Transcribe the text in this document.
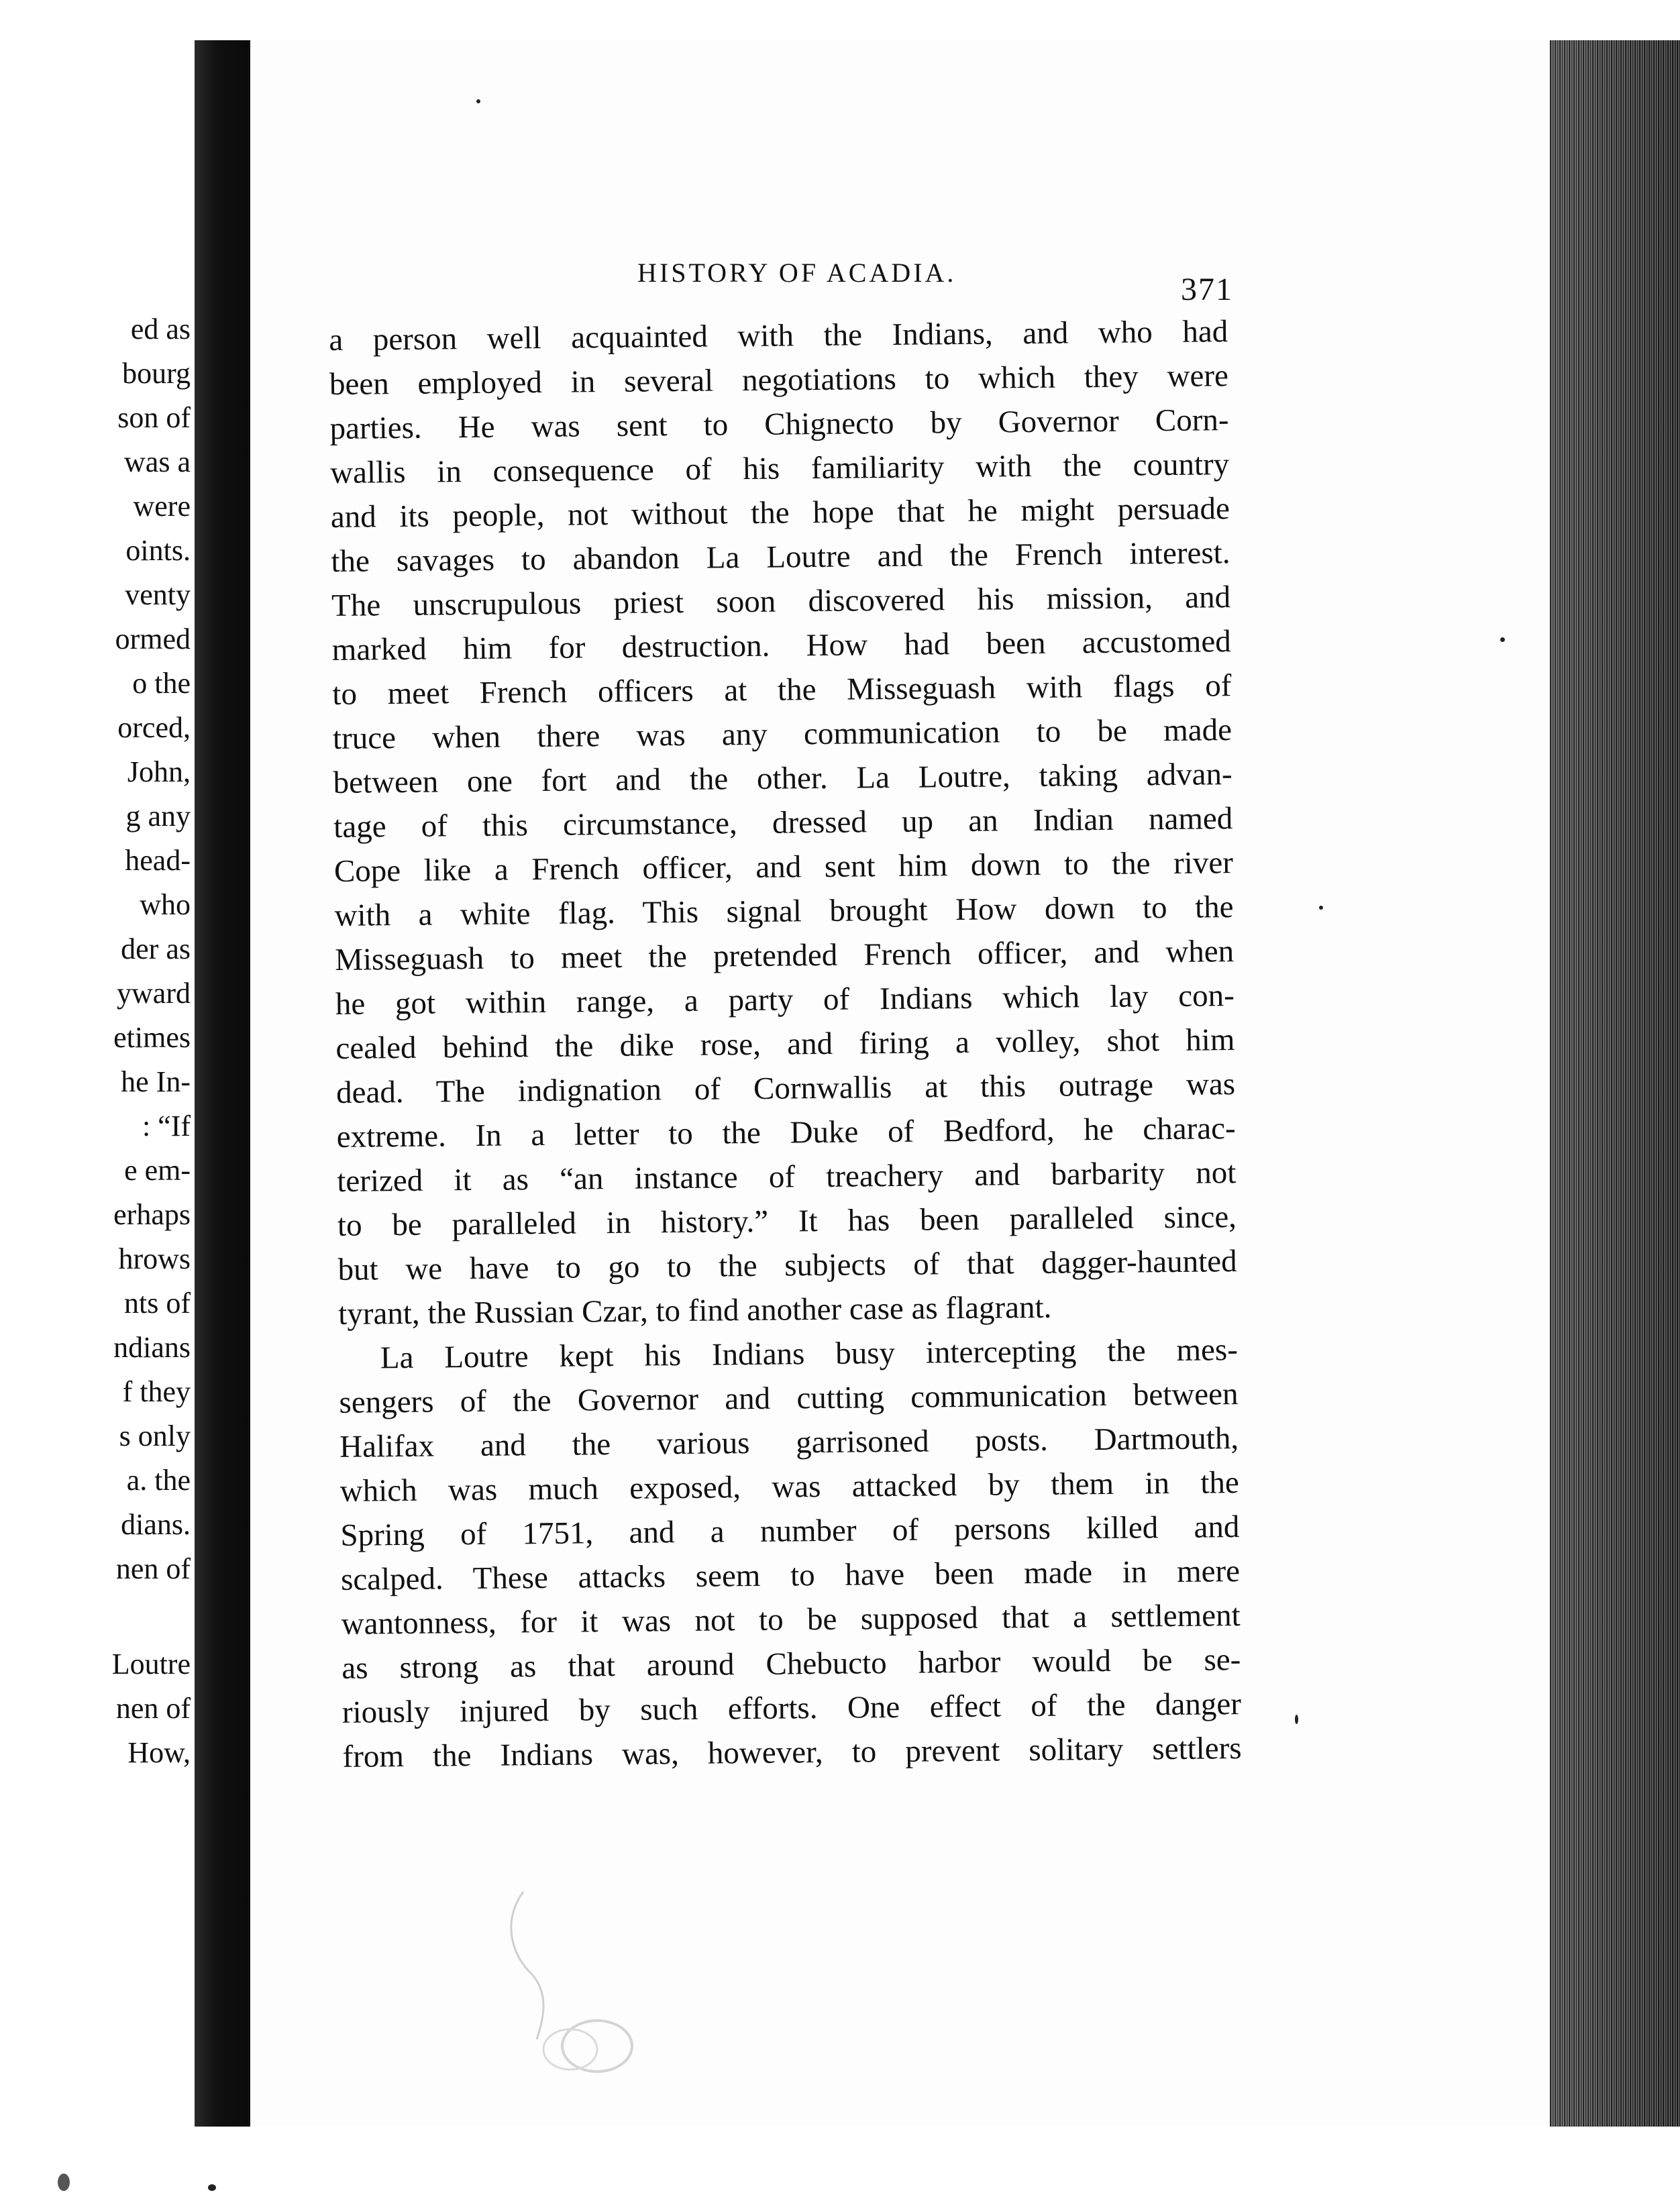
ed as
bourg
son of
was a
were
oints.
venty
ormed
o the
orced,
John,
g any
head-
who
der as
yward
etimes
he In-
: “If
e em-
erhaps
hrows
nts of
ndians
f they
s only
a. the
dians.
nen of
Loutre
nen of
How,
HISTORY OF ACADIA.	371
a person well acquainted with the Indians, and who had
been employed in several negotiations to which they were
parties. He was sent to Chignecto by Governor Corn-
wallis in consequence of his familiarity with the country
and its people, not without the hope that he might persuade
the savages to abandon La Loutre and the French interest.
The unscrupulous priest soon discovered his mission, and
marked him for destruction. How had been accustomed
to meet French officers at the Misseguash with flags of
truce when there was any communication to be made
between one fort and the other. La Loutre, taking advan-
tage of this circumstance, dressed up an Indian named
Cope like a French officer, and sent him down to the river
with a white flag. This signal brought How down to the
Misseguash to meet the pretended French officer, and when
he got within range, a party of Indians which lay con-
cealed behind the dike rose, and firing a volley, shot him
dead. The indignation of Cornwallis at this outrage was
extreme. In a letter to the Duke of Bedford, he charac-
terized it as “an instance of treachery and barbarity not
to be paralleled in history.” It has been paralleled since,
but we have to go to the subjects of that dagger-haunted
tyrant, the Russian Czar, to find another case as flagrant.
La Loutre kept his Indians busy intercepting the mes-
sengers of the Governor and cutting communication between
Halifax and the various garrisoned posts. Dartmouth,
which was much exposed, was attacked by them in the
Spring of 1751, and a number of persons killed and
scalped. These attacks seem to have been made in mere
wantonness, for it was not to be supposed that a settlement
as strong as that around Chebucto harbor would be se-
riously injured by such efforts. One effect of the danger
from the Indians was, however, to prevent solitary settlers
